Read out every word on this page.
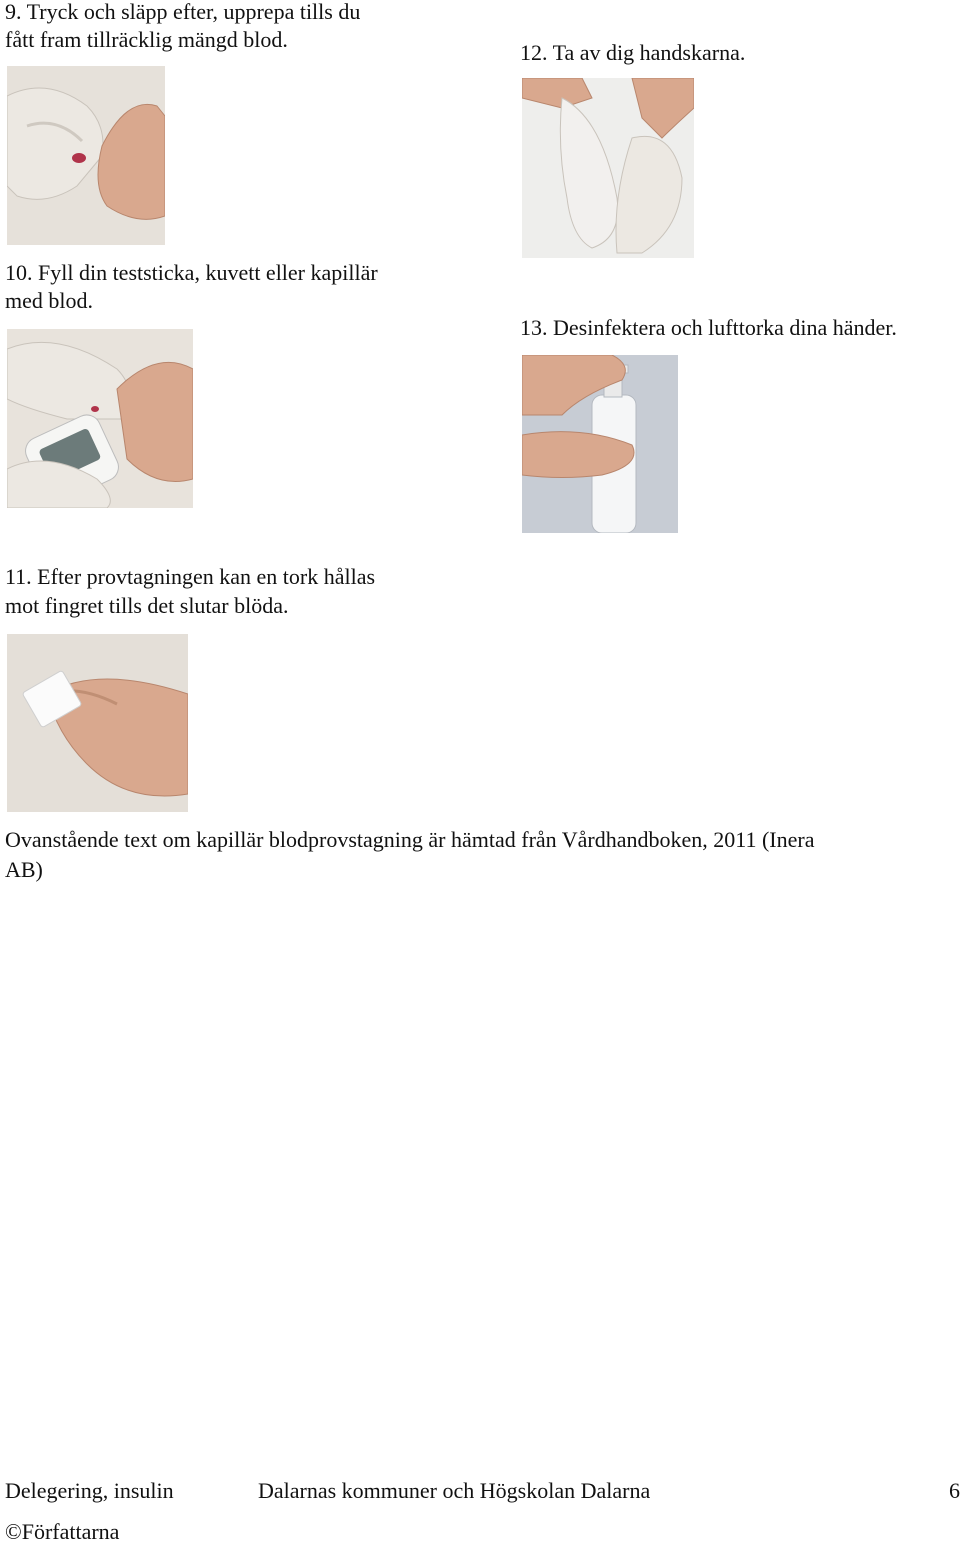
9. Tryck och släpp efter, upprepa tills du

fått fram tillräcklig mängd blod.

10. Fyll din teststicka, kuvett eller kapillär

med blod.

11. Efter provtagningen kan en tork hållas

mot fingret tills det slutar blöda.

12. Ta av dig handskarna.

13. Desinfektera och lufttorka dina händer.

Ovanstående text om kapillär blodprovstagning är hämtad från Vårdhandboken, 2011 (Inera

AB)

Delegering, insulin	Dalarnas kommuner och Högskolan Dalarna	6
©Författarna
